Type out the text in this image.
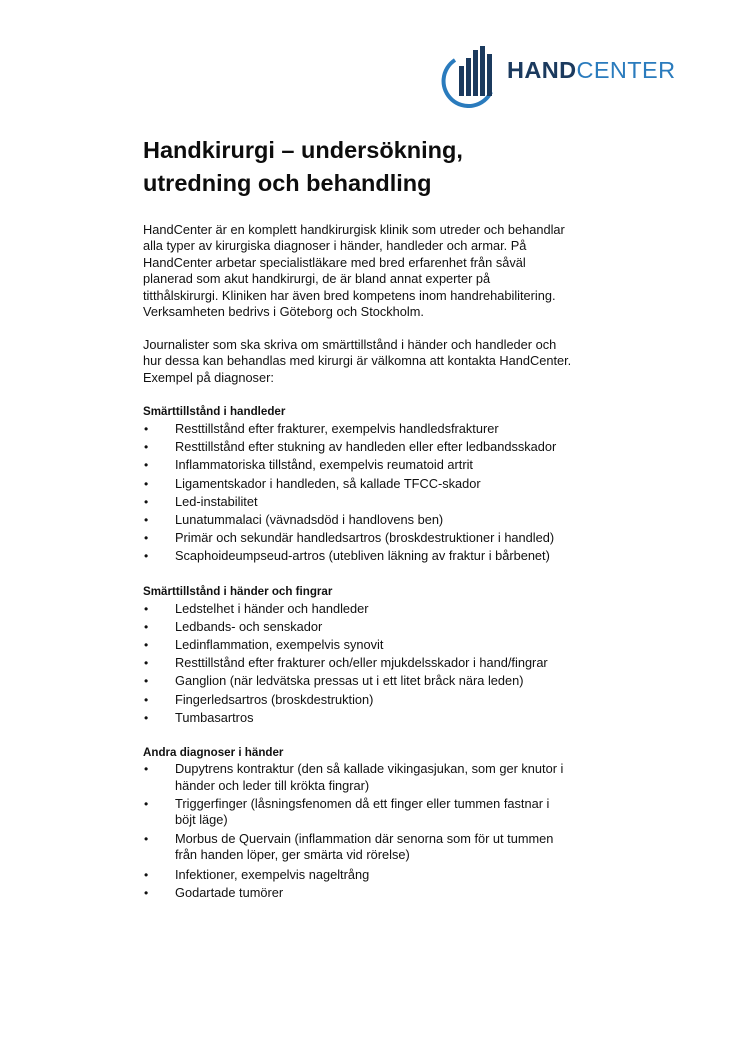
HANDCENTER
Handkirurgi – undersökning,
utredning och behandling

HandCenter är en komplett handkirurgisk klinik som utreder och behandlar
alla typer av kirurgiska diagnoser i händer, handleder och armar. På
HandCenter arbetar specialistläkare med bred erfarenhet från såväl
planerad som akut handkirurgi, de är bland annat experter på
titthålskirurgi. Kliniken har även bred kompetens inom handrehabilitering.
Verksamheten bedrivs i Göteborg och Stockholm.

Journalister som ska skriva om smärttillstånd i händer och handleder och
hur dessa kan behandlas med kirurgi är välkomna att kontakta HandCenter.
Exempel på diagnoser:

Smärttillstånd i handleder
• Resttillstånd efter frakturer, exempelvis handledsfrakturer
• Resttillstånd efter stukning av handleden eller efter ledbandsskador
• Inflammatoriska tillstånd, exempelvis reumatoid artrit
• Ligamentskador i handleden, så kallade TFCC-skador
• Led-instabilitet
• Lunatummalaci (vävnadsdöd i handlovens ben)
• Primär och sekundär handledsartros (broskdestruktioner i handled)
• Scaphoideumpseud-artros (utebliven läkning av fraktur i bårbenet)
Smärttillstånd i händer och fingrar
• Ledstelhet i händer och handleder
• Ledbands- och senskador
• Ledinflammation, exempelvis synovit
• Resttillstånd efter frakturer och/eller mjukdelsskador i hand/fingrar
• Ganglion (när ledvätska pressas ut i ett litet bråck nära leden)
• Fingerledsartros (broskdestruktion)
• Tumbasartros
Andra diagnoser i händer
• Dupytrens kontraktur (den så kallade vikingasjukan, som ger knutor i
händer och leder till krökta fingrar)
• Triggerfinger (låsningsfenomen då ett finger eller tummen fastnar i
böjt läge)
• Morbus de Quervain (inflammation där senorna som för ut tummen
från handen löper, ger smärta vid rörelse)
• Infektioner, exempelvis nageltrång
• Godartade tumörer
